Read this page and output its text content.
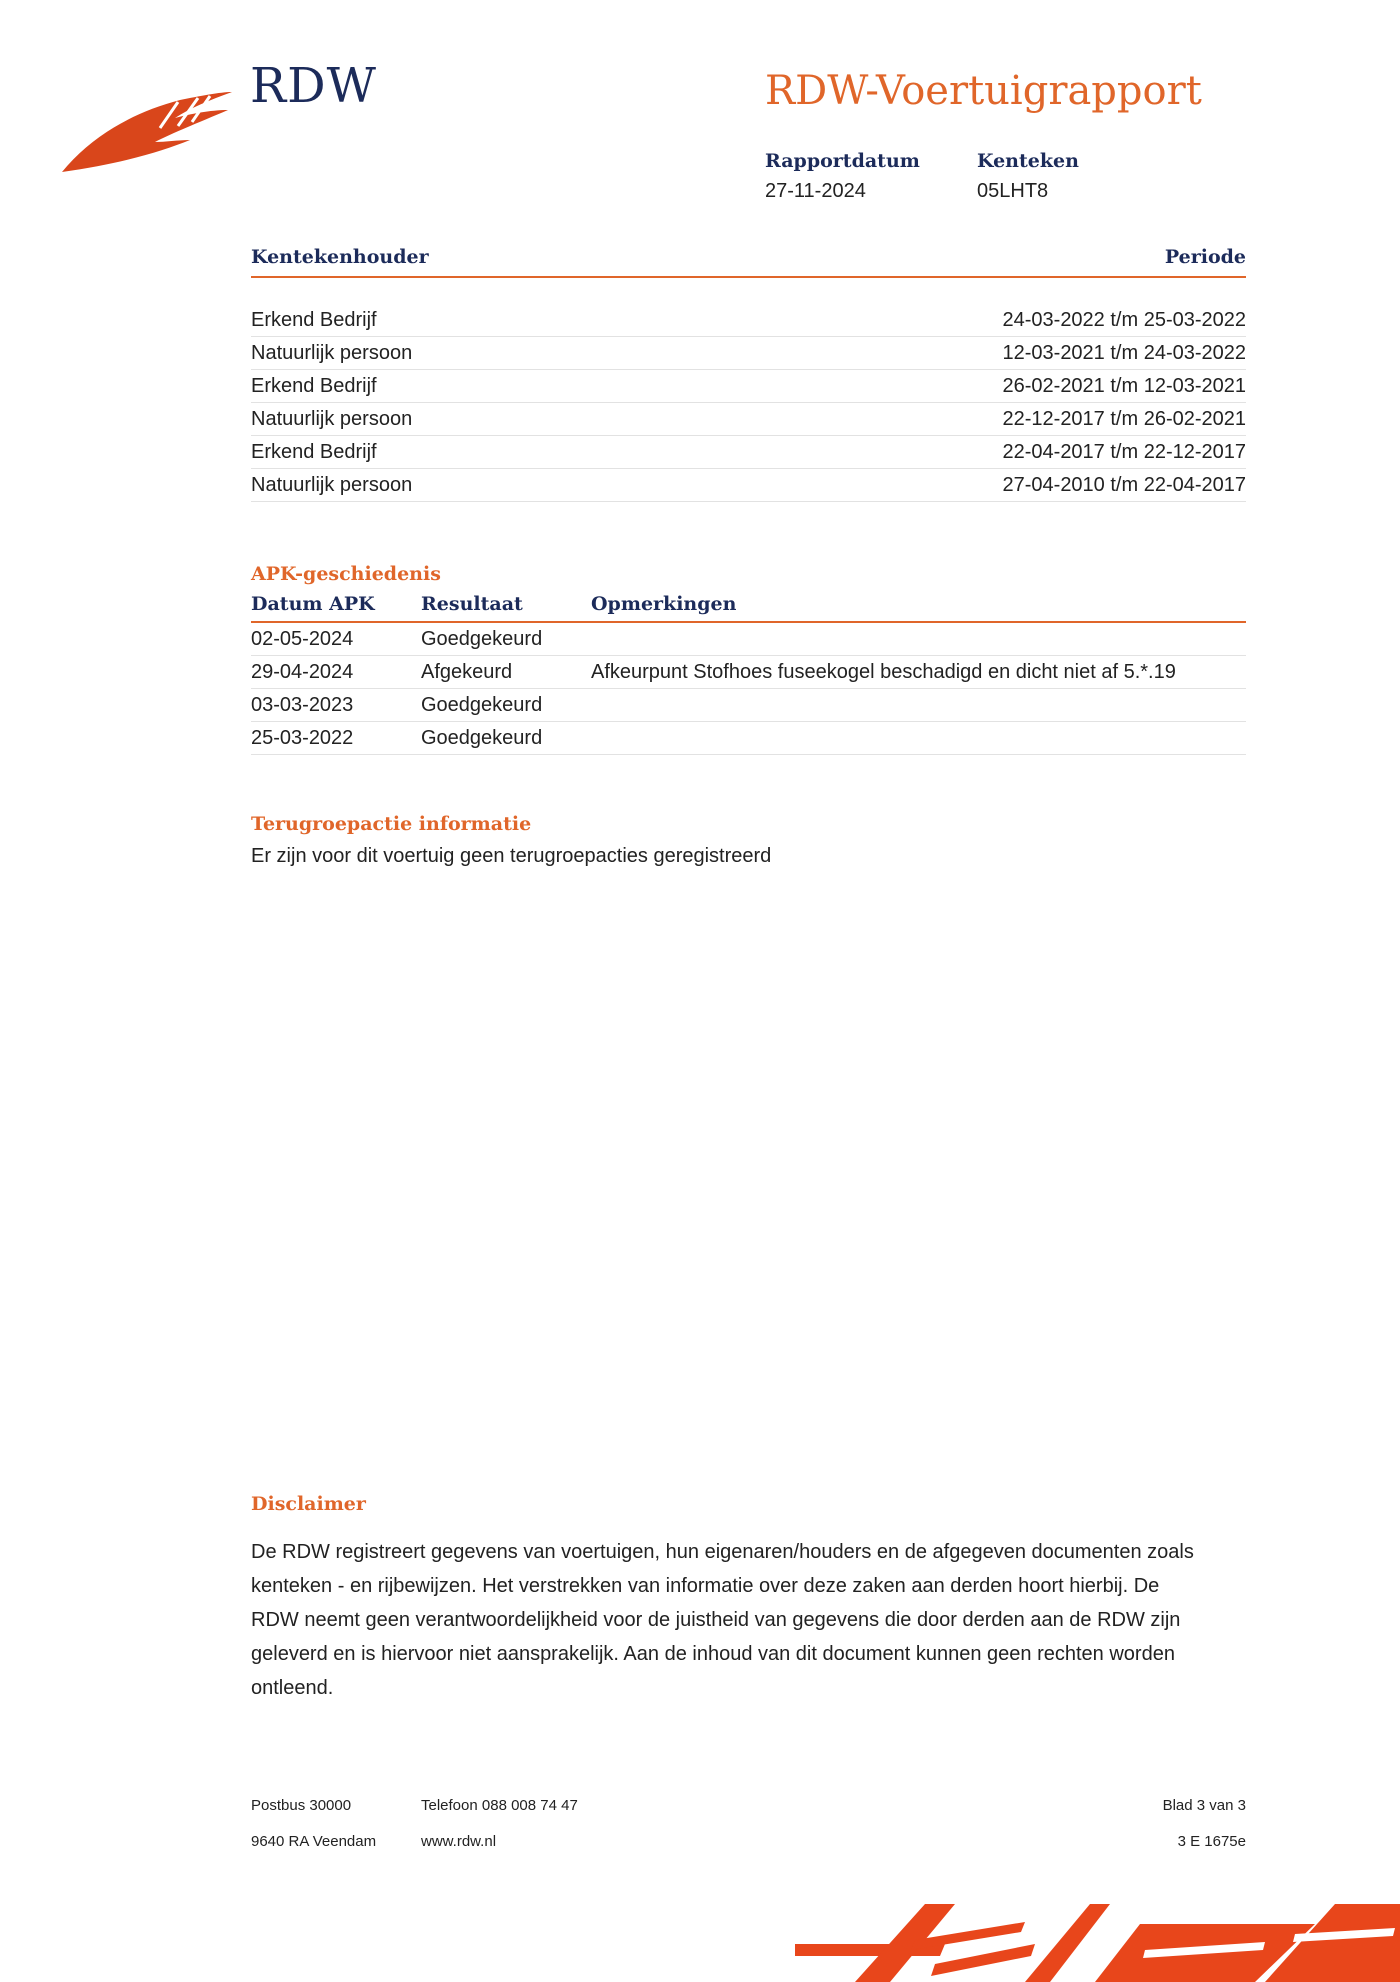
RDW	RDW-Voertuigrapport
Rapportdatum
27-11-2024
Kenteken
05LHT8
Kentekenhouder	Periode
Erkend Bedrijf	24-03-2022 t/m 25-03-2022
Natuurlijk persoon	12-03-2021 t/m 24-03-2022
Erkend Bedrijf	26-02-2021 t/m 12-03-2021
Natuurlijk persoon	22-12-2017 t/m 26-02-2021
Erkend Bedrijf	22-04-2017 t/m 22-12-2017
Natuurlijk persoon	27-04-2010 t/m 22-04-2017
APK-geschiedenis
Datum APK	Resultaat	Opmerkingen
02-05-2024	Goedgekeurd
29-04-2024	Afgekeurd	Afkeurpunt Stofhoes fuseekogel beschadigd en dicht niet af 5.*.19
03-03-2023	Goedgekeurd
25-03-2022	Goedgekeurd
Terugroepactie informatie
Er zijn voor dit voertuig geen terugroepacties geregistreerd
Disclaimer
De RDW registreert gegevens van voertuigen, hun eigenaren/houders en de afgegeven documenten zoals
kenteken - en rijbewijzen. Het verstrekken van informatie over deze zaken aan derden hoort hierbij. De
RDW neemt geen verantwoordelijkheid voor de juistheid van gegevens die door derden aan de RDW zijn
geleverd en is hiervoor niet aansprakelijk. Aan de inhoud van dit document kunnen geen rechten worden
ontleend.
Postbus 30000
9640 RA Veendam
Telefoon 088 008 74 47
www.rdw.nl
Blad 3 van 3
3 E 1675e
